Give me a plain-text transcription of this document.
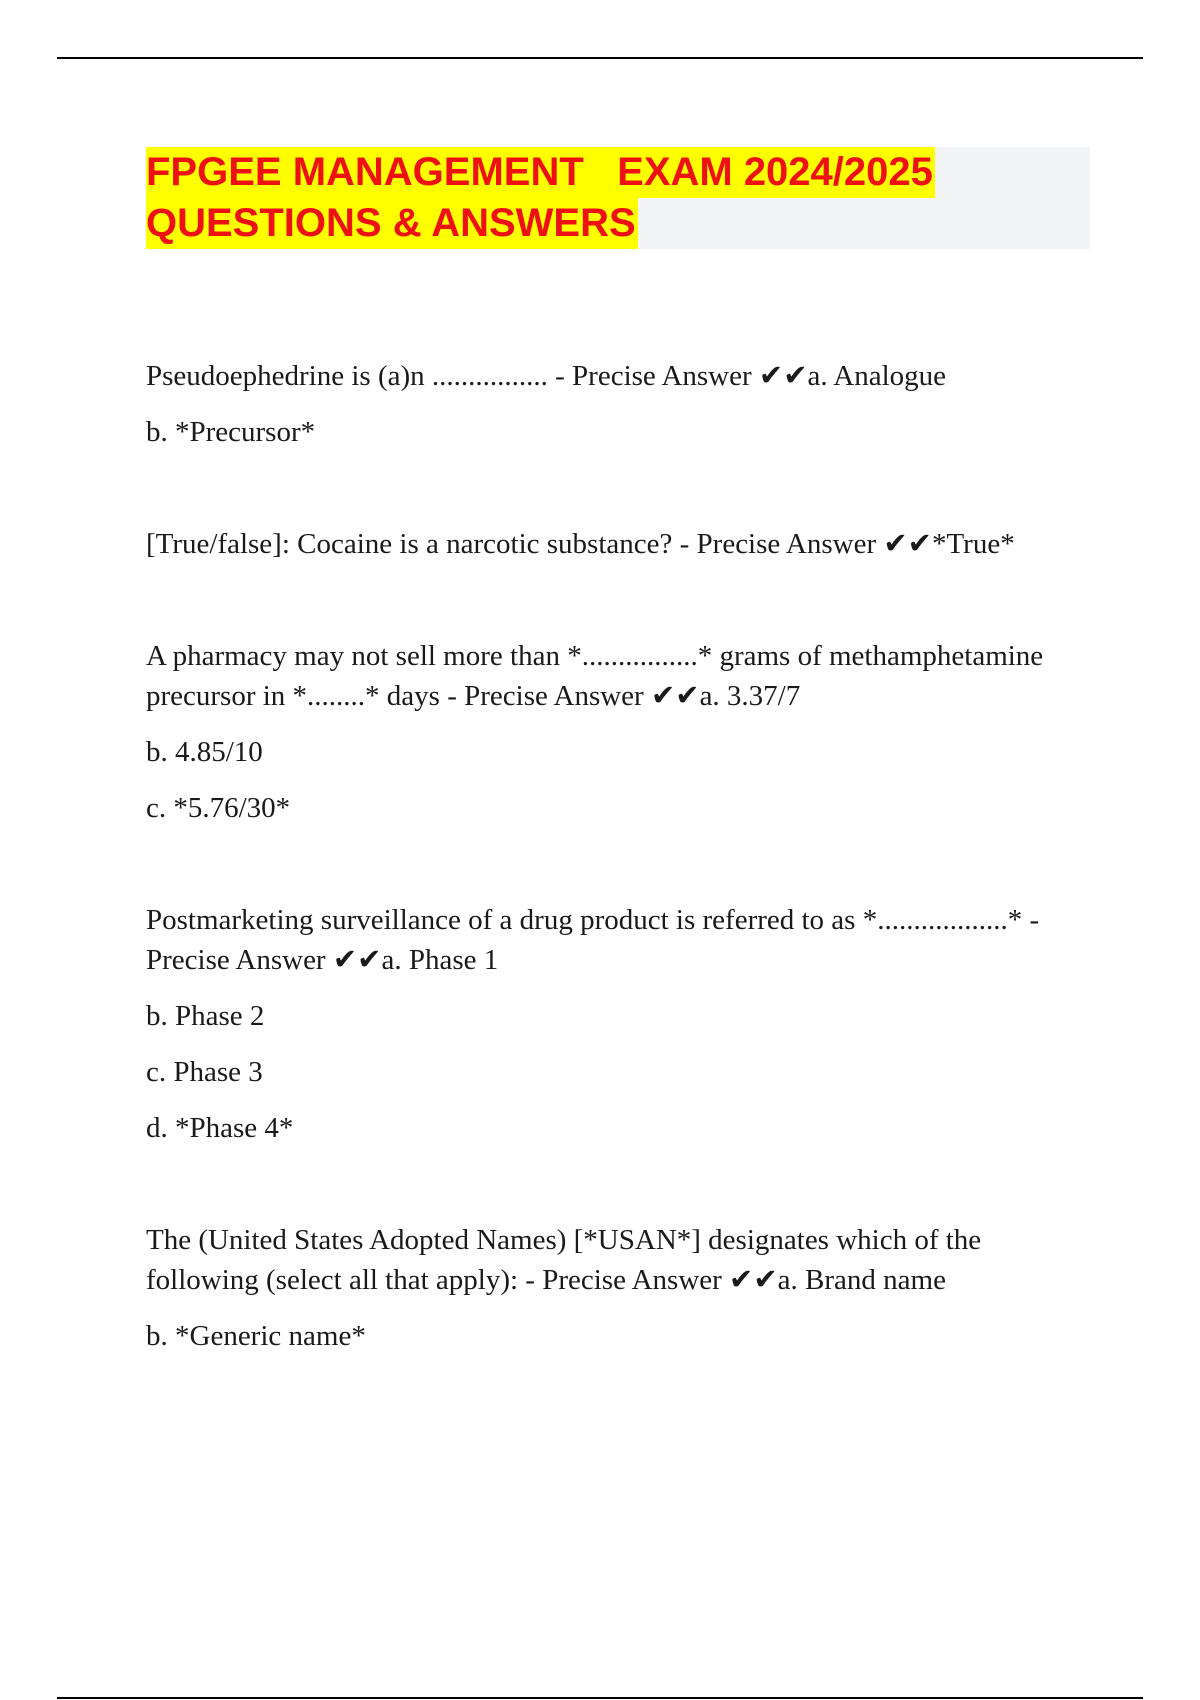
FPGEE MANAGEMENT   EXAM 2024/2025
QUESTIONS & ANSWERS
Pseudoephedrine is (a)n ................ - Precise Answer ✔✔a. Analogue
b. *Precursor*
[True/false]: Cocaine is a narcotic substance? - Precise Answer ✔✔*True*
A pharmacy may not sell more than *................* grams of methamphetamine precursor in *........* days - Precise Answer ✔✔a. 3.37/7
b. 4.85/10
c. *5.76/30*
Postmarketing surveillance of a drug product is referred to as *..................* - Precise Answer ✔✔a. Phase 1
b. Phase 2
c. Phase 3
d. *Phase 4*
The (United States Adopted Names) [*USAN*] designates which of the following (select all that apply): - Precise Answer ✔✔a. Brand name
b. *Generic name*
